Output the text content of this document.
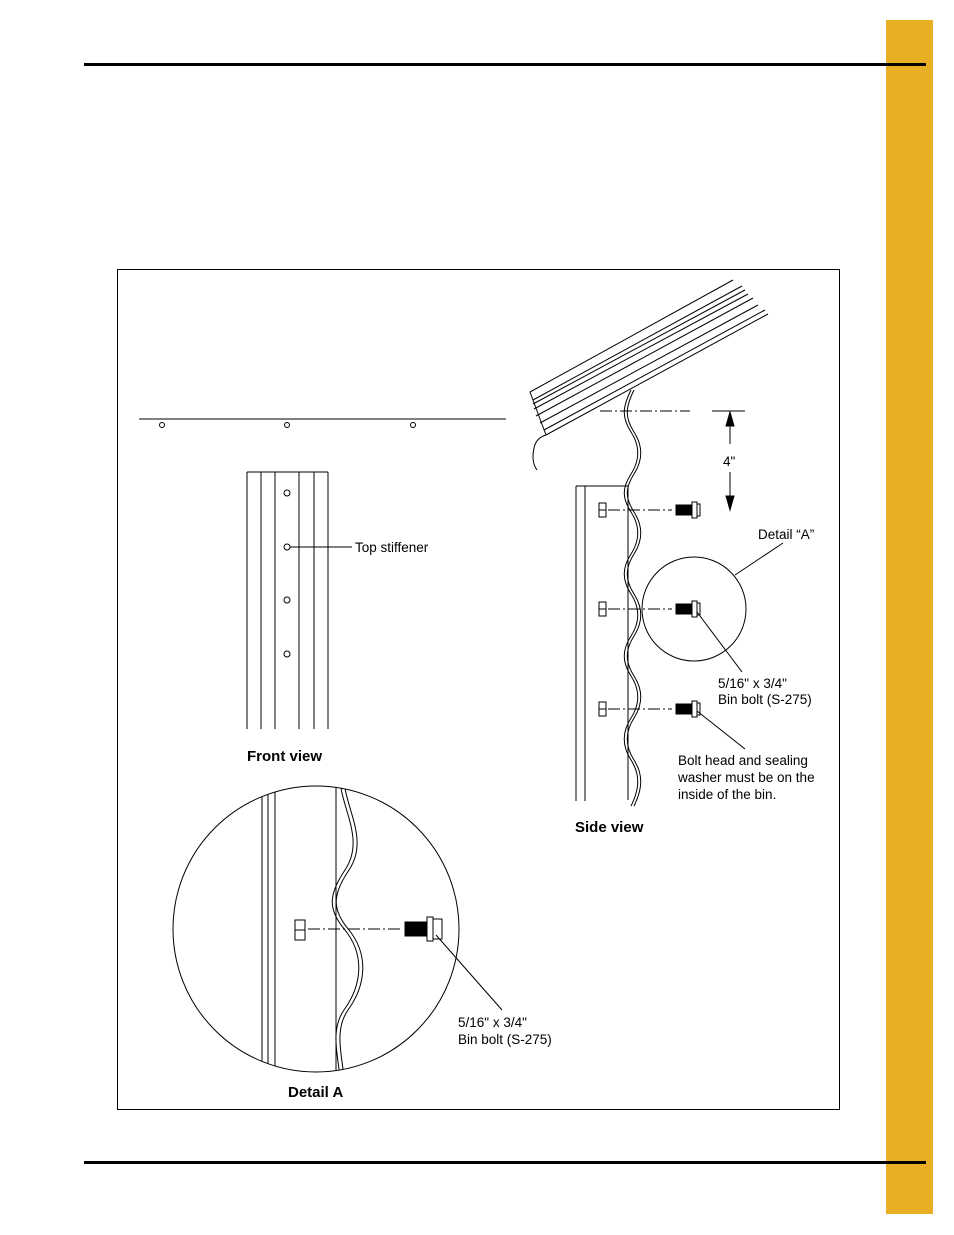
Top stiffener
Front view
4"
Detail “A”
5/16" x 3/4"
Bin bolt (S-275)
Bolt head and sealing
washer must be on the
inside of the bin.
Side view
5/16" x 3/4"
Bin bolt (S-275)
Detail A
